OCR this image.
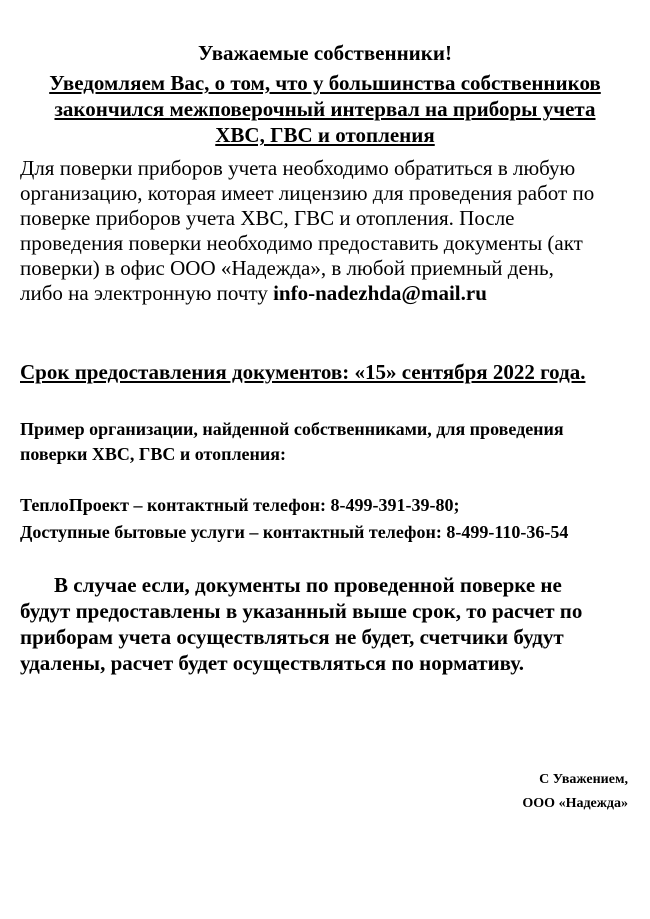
Уважаемые собственники!
Уведомляем Вас, о том, что у большинства собственников
закончился межповерочный интервал на приборы учета
ХВС, ГВС и отопления
Для поверки приборов учета необходимо обратиться в любую
организацию, которая имеет лицензию для проведения работ по
поверке приборов учета ХВС, ГВС и отопления. После
проведения поверки необходимо предоставить документы (акт
поверки) в офис ООО «Надежда», в любой приемный день,
либо на электронную почту info-nadezhda@mail.ru
Срок предоставления документов: «15» сентября 2022 года.
Пример организации, найденной собственниками, для проведения
поверки ХВС, ГВС и отопления:
ТеплоПроект – контактный телефон: 8-499-391-39-80;
Доступные бытовые услуги – контактный телефон: 8-499-110-36-54
В случае если, документы по проведенной поверке не
будут предоставлены в указанный выше срок, то расчет по
приборам учета осуществляться не будет, счетчики будут
удалены, расчет будет осуществляться по нормативу.
С Уважением,
ООО «Надежда»
